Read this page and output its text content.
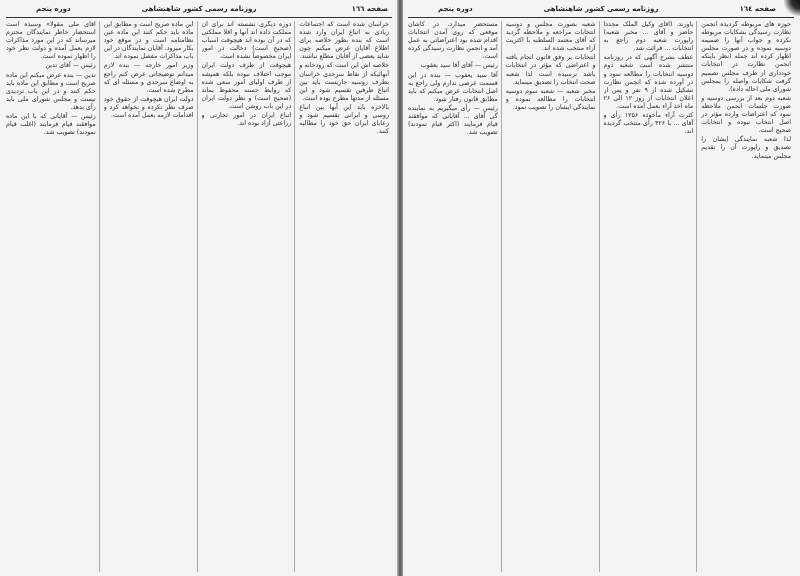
صفحه ۱٦٦
روزنامه رسمی کشور شاهنشاهی
دوره پنجم

آقای ملی مقولا» وسیده است استحضار خاطر نمایندگان محترم میرساند که در این مورد مذاکرات لازم بعمل آمده و دولت نظر خود را اظهار نموده است.

رئیس — آقای تدین

تدین — بنده عرض میکنم این ماده صریح است و مطابق این ماده باید حکم کنند و در این باب تردیدی نیست و مجلس شورای ملی باید رأی بدهد.

رئیس — آقایانی که با این ماده موافقند قیام فرمایند (اغلب قیام نمودند) تصویب شد.

این ماده صریح است و مطابق این ماده باید حکم کنند این ماده عین نظامنامه است و در موقع خود بکار میرود. آقایان نمایندگان در این باب مذاکرات مفصل نموده اند.

وزیر امور خارجه — بنده لازم میدانم توضیحاتی عرض کنم راجع به اوضاع سرحدی و مسئله ای که مطرح شده است.

دولت ایران هیچوقت از حقوق خود صرف نظر نکرده و نخواهد کرد و اقدامات لازمه بعمل آمده است.

دوره دیگری نشسته اند برای آن مملکت داده اند آنها و اقلا مملکتی که در آن بوده اند هیچوقت اسباب (صحیح است) دخالت در امور ایران مخصوصاً نشده است.

هیچوقت از طرف دولت ایران موجب اختلاف نبوده بلکه همیشه از طرف اولیای امور سعی شده که روابط حسنه محفوظ بماند (صحیح است) و نظر دولت ایران در این باب روشن است.

اتباع ایران در امور تجارتی و زراعتی آزاد بوده اند.

خراسان شده است که اجتماعات زیادی به اتباع ایران وارد شده است که بنده بطور خلاصه برای اطلاع آقایان عرض میکنم چون شاید بعضی از آقایان مطلع نباشند.

خلاصه اش این است که رودخانه و آبهائیکه از نقاط سرحدی خراسان بطرف روسیه جاریست باید بین اتباع طرفین تقسیم شود و این مسئله از مدتها مطرح بوده است.

بالاخره باید این آبها بین اتباع روسی و ایرانی تقسیم شود و رعایای ایران حق خود را مطالبه کنند.

صفحه ۱٦٤
روزنامه رسمی کشور شاهنشاهی
دوره پنجم

مستحضر میدارد. در کاشان موقعی که روی آمدن انتخابات اقدام شده بود اعتراضاتی به عمل آمد و انجمن نظارت رسیدگی کرده است.

رئیس — آقای آقا سید یعقوب

آقا سید یعقوب — بنده در این قسمت عرضی ندارم ولی راجع به اصل انتخابات عرض میکنم که باید مطابق قانون رفتار شود.

رئیس — رأی میگیریم به نماینده گی آقای ... آقایانی که موافقند قیام فرمایند (اکثر قیام نمودند) تصویب شد.

شعبه بصورت مجلس و دوسیه انتخابات مراجعه و ملاحظه گردید که آقای معتمد السلطنه با اکثریت آراء منتخب شده اند.

انتخابات بر وفق قانون انجام یافته و اعتراضی که مؤثر در انتخابات باشد نرسیده است لذا شعبه صحت انتخاب را تصدیق مینماید.

مخبر شعبه — شعبه سوم دوسیه انتخابات را مطالعه نموده و نمایندگی ایشان را تصویب نمود.

یاورند. (آقای وکیل الملک مجدداً حاضر و آقای ... مخبر شعبه) راپورت شعبه دوم راجع به انتخابات ... قرائت شد.

عطف بشرح آگهی که در روزنامه منتشر شده است شعبه دوم دوسیه انتخابات را مطالعه نمود و در آورده شده که انجمن نظارت تشکیل شده از ۹ نفر و پس از اعلان انتخابات از روز ۱۲ الی ۲۶ ماه اخذ آراء بعمل آمده است.

کثرت آراء مأخوذه ۱۲۵۶ رأی و آقای ... با ۴۲۶ رأی منتخب گردیده اند.

حوزه های مربوطه گردیده انجمن نظارت رسیدگی بشکایات مربوطه نکرده و جواب آنها را ضمیمه دوسیه نموده و در صورت مجلس اظهار کرده اند جمله (نظر باینکه انجمن نظارت در انتخابات خودداری از طرف مجلس تصمیم گرفت شکایات واصله را بمجلس شورای ملی احاله داده).

شعبه دوم بعد از بررسی دوسیه و صورت جلسات انجمن ملاحظه نمود که اعتراضات وارده مؤثر در اصل انتخاب نبوده و انتخابات صحیح است.

لذا شعبه نمایندگی ایشان را تصدیق و راپورت آن را تقدیم مجلس مینماید.
